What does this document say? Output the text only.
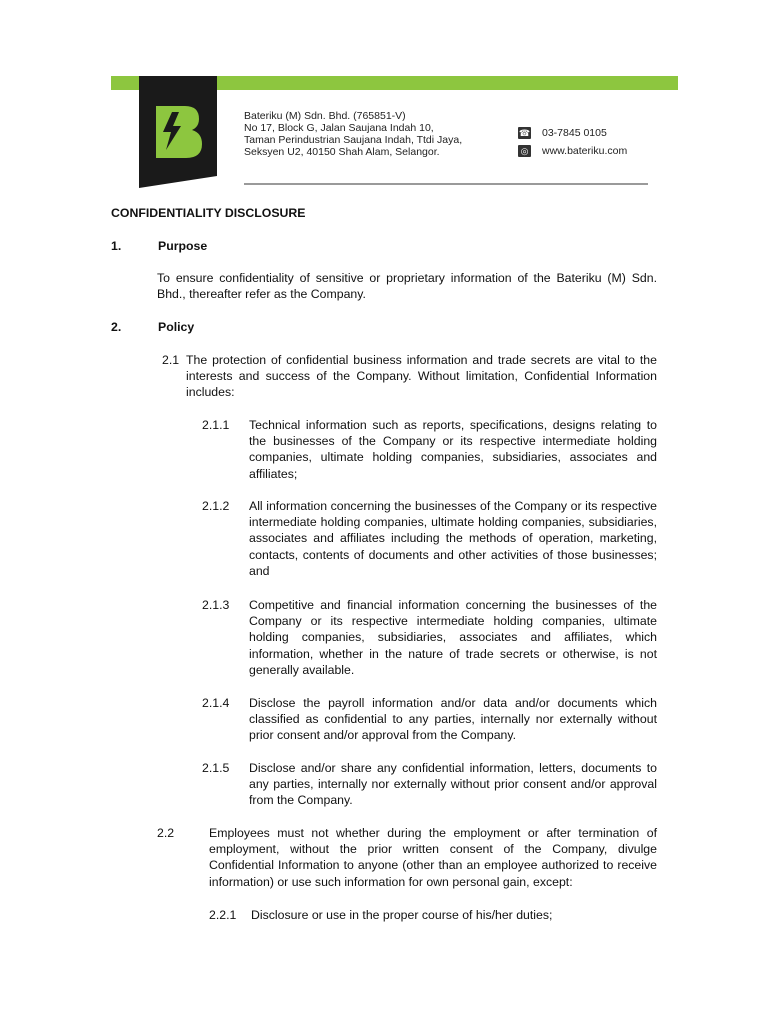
Bateriku (M) Sdn. Bhd. (765851-V)
No 17, Block G, Jalan Saujana Indah 10,
Taman Perindustrian Saujana Indah, Ttdi Jaya,
Seksyen U2, 40150 Shah Alam, Selangor.
☎ 03-7845 0105
◎ www.bateriku.com
CONFIDENTIALITY DISCLOSURE
1.	Purpose
To ensure confidentiality of sensitive or proprietary information of the Bateriku (M) Sdn. Bhd., thereafter refer as the Company.
2.	Policy
2.1 The protection of confidential business information and trade secrets are vital to the interests and success of the Company. Without limitation, Confidential Information includes:
2.1.1 Technical information such as reports, specifications, designs relating to the businesses of the Company or its respective intermediate holding companies, ultimate holding companies, subsidiaries, associates and affiliates;
2.1.2 All information concerning the businesses of the Company or its respective intermediate holding companies, ultimate holding companies, subsidiaries, associates and affiliates including the methods of operation, marketing, contacts, contents of documents and other activities of those businesses; and
2.1.3 Competitive and financial information concerning the businesses of the Company or its respective intermediate holding companies, ultimate holding companies, subsidiaries, associates and affiliates, which information, whether in the nature of trade secrets or otherwise, is not generally available.
2.1.4 Disclose the payroll information and/or data and/or documents which classified as confidential to any parties, internally nor externally without prior consent and/or approval from the Company.
2.1.5 Disclose and/or share any confidential information, letters, documents to any parties, internally nor externally without prior consent and/or approval from the Company.
2.2	Employees must not whether during the employment or after termination of employment, without the prior written consent of the Company, divulge Confidential Information to anyone (other than an employee authorized to receive information) or use such information for own personal gain, except:
2.2.1 Disclosure or use in the proper course of his/her duties;
